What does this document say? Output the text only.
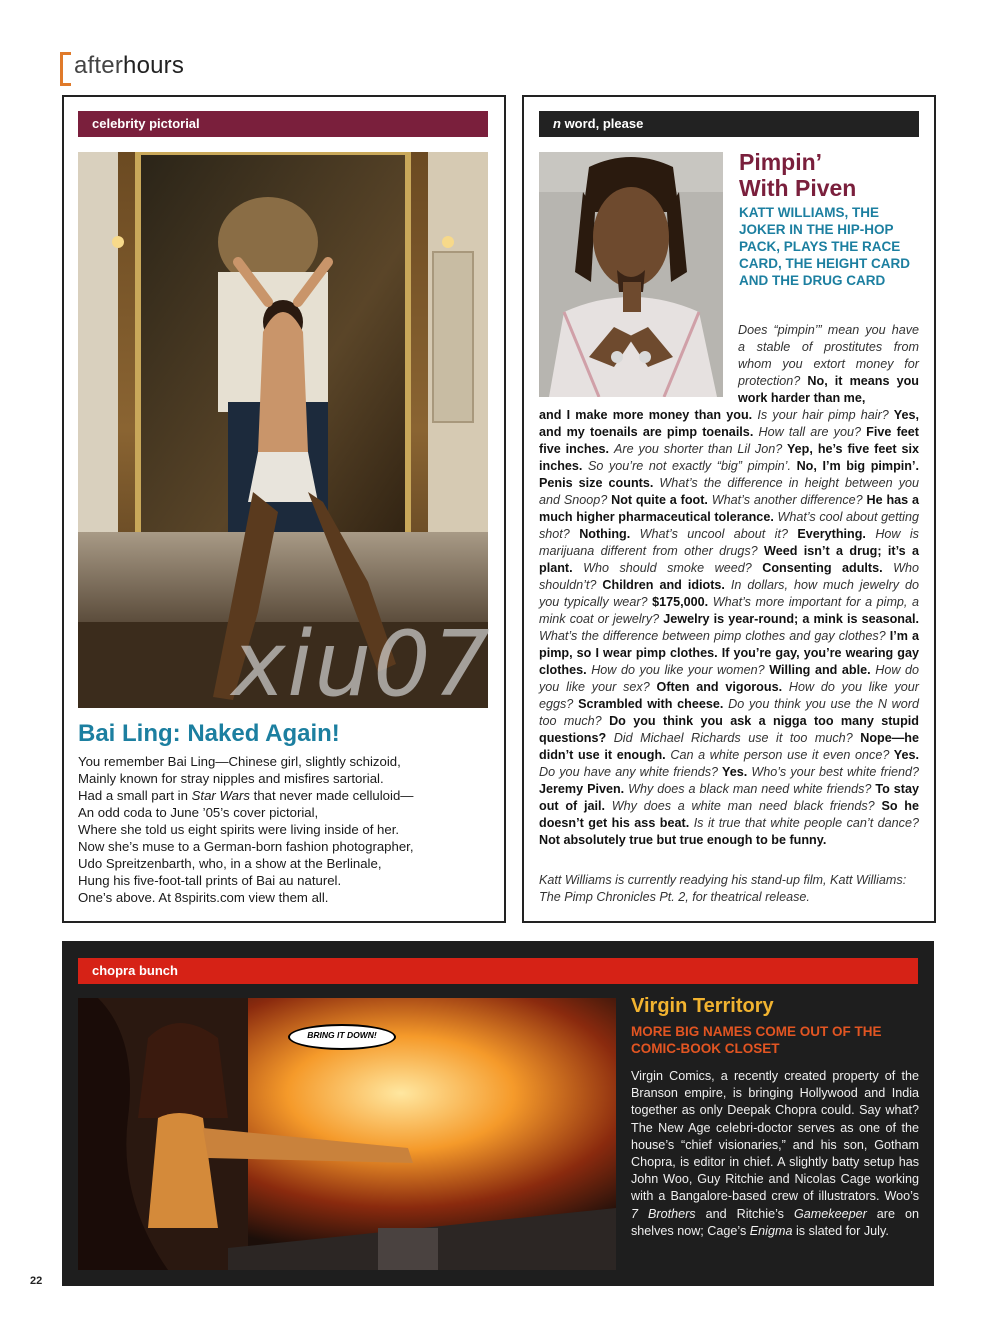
afterhours
celebrity pictorial
xiu07
Bai Ling: Naked Again!
You remember Bai Ling—Chinese girl, slightly schizoid,
Mainly known for stray nipples and misfires sartorial.
Had a small part in Star Wars that never made celluloid—
An odd coda to June ’05’s cover pictorial,
Where she told us eight spirits were living inside of her.
Now she’s muse to a German-born fashion photographer,
Udo Spreitzenbarth, who, in a show at the Berlinale,
Hung his five-foot-tall prints of Bai au naturel.
One’s above. At 8spirits.com view them all.
n word, please
Pimpin’
With Piven
KATT WILLIAMS, THE JOKER IN THE HIP-HOP PACK, PLAYS THE RACE CARD, THE HEIGHT CARD AND THE DRUG CARD
Does “pimpin’” mean you have a stable of prostitutes from whom you extort money for protection? No, it means you work harder than me,
and I make more money than you. Is your hair pimp hair? Yes, and my toenails are pimp toenails. How tall are you? Five feet five inches. Are you shorter than Lil Jon? Yep, he’s five feet six inches. So you’re not exactly “big” pimpin’. No, I’m big pimpin’. Penis size counts. What’s the difference in height between you and Snoop? Not quite a foot. What’s another difference? He has a much higher pharmaceutical tolerance. What’s cool about getting shot? Nothing. What’s uncool about it? Everything. How is marijuana different from other drugs? Weed isn’t a drug; it’s a plant. Who should smoke weed? Consenting adults. Who shouldn’t? Children and idiots. In dollars, how much jewelry do you typically wear? $175,000. What’s more important for a pimp, a mink coat or jewelry? Jewelry is year-round; a mink is seasonal. What’s the difference between pimp clothes and gay clothes? I’m a pimp, so I wear pimp clothes. If you’re gay, you’re wearing gay clothes. How do you like your women? Willing and able. How do you like your sex? Often and vigorous. How do you like your eggs? Scrambled with cheese. Do you think you use the N word too much? Do you think you ask a nigga too many stupid questions? Did Michael Richards use it too much? Nope—he didn’t use it enough. Can a white person use it even once? Yes. Do you have any white friends? Yes. Who’s your best white friend? Jeremy Piven. Why does a black man need white friends? To stay out of jail. Why does a white man need black friends? So he doesn’t get his ass beat. Is it true that white people can’t dance? Not absolutely true but true enough to be funny.
Katt Williams is currently readying his stand-up film, Katt Williams: The Pimp Chronicles Pt. 2, for theatrical release.
chopra bunch
BRING IT DOWN!
Virgin Territory
MORE BIG NAMES COME OUT OF THE COMIC-BOOK CLOSET
Virgin Comics, a recently created property of the Branson empire, is bringing Hollywood and India together as only Deepak Chopra could. Say what? The New Age celebri-doctor serves as one of the house’s “chief visionaries,” and his son, Gotham Chopra, is editor in chief. A slightly batty setup has John Woo, Guy Ritchie and Nicolas Cage working with a Bangalore-based crew of illustrators. Woo’s 7 Brothers and Ritchie’s Gamekeeper are on shelves now; Cage’s Enigma is slated for July.
22
